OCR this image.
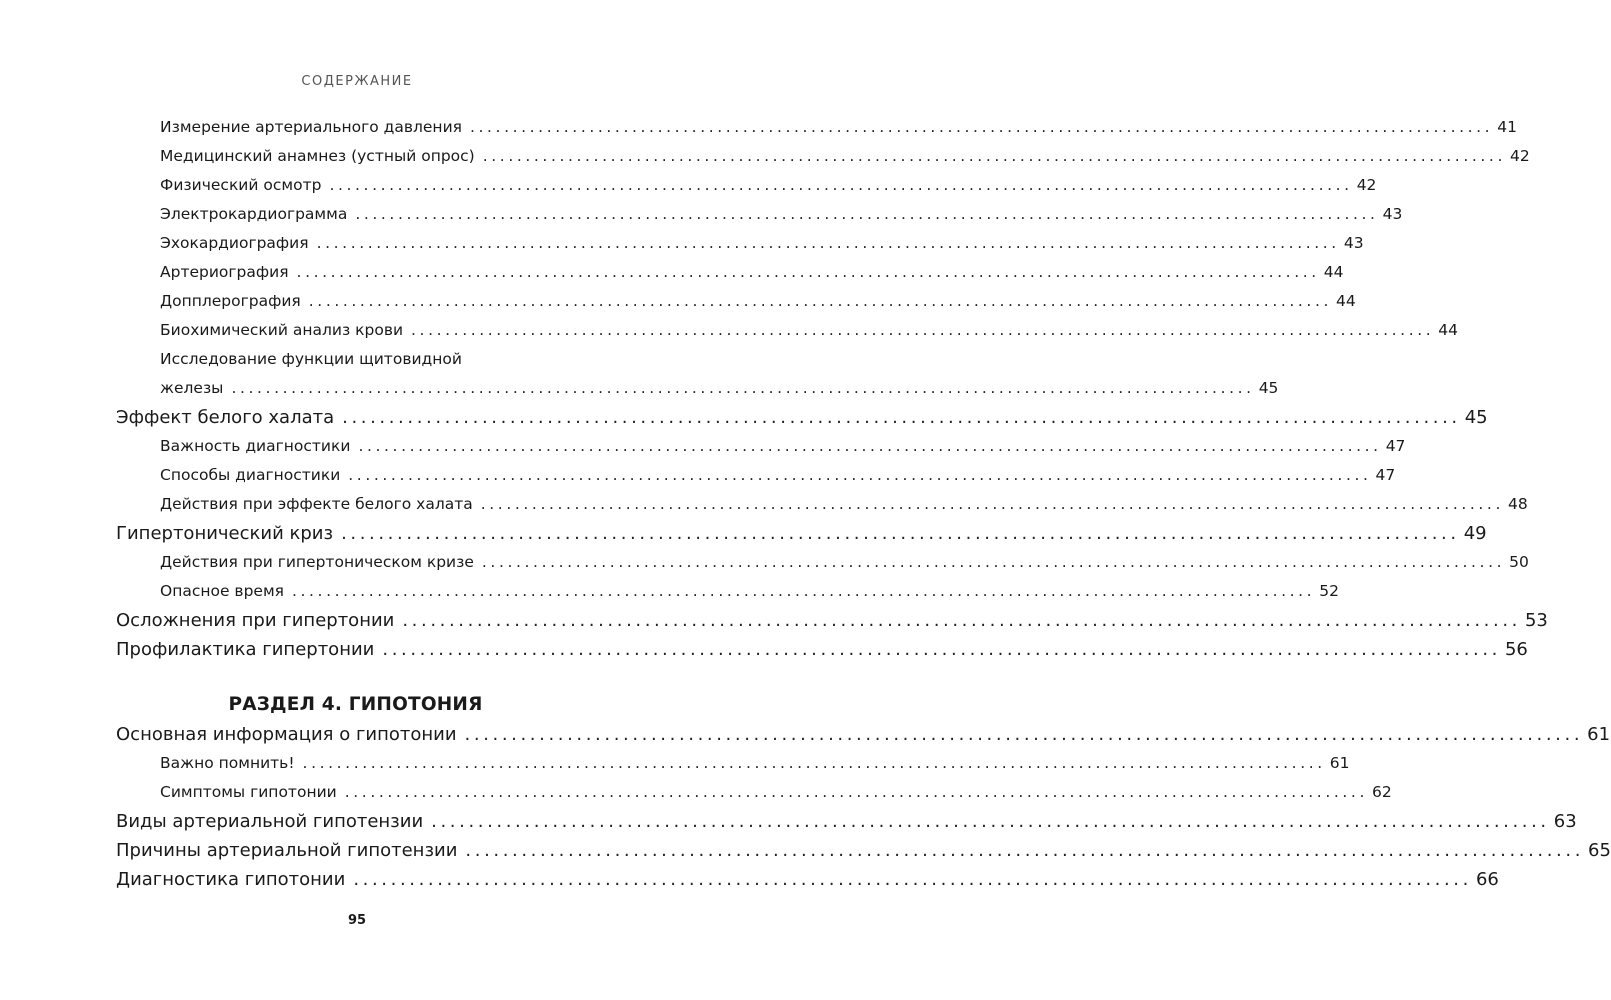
СОДЕРЖАНИЕ
Измерение артериального давления ........................................................................................................................ 41
Медицинский анамнез (устный опрос) ........................................................................................................................ 42
Физический осмотр ........................................................................................................................ 42
Электрокардиограмма ........................................................................................................................ 43
Эхокардиография ........................................................................................................................ 43
Артериография ........................................................................................................................ 44
Допплерография ........................................................................................................................ 44
Биохимический анализ крови ........................................................................................................................ 44
Исследование функции щитовидной
железы ........................................................................................................................ 45
Эффект белого халата ........................................................................................................................ 45
Важность диагностики ........................................................................................................................ 47
Способы диагностики ........................................................................................................................ 47
Действия при эффекте белого халата ........................................................................................................................ 48
Гипертонический криз ........................................................................................................................ 49
Действия при гипертоническом кризе ........................................................................................................................ 50
Опасное время ........................................................................................................................ 52
Осложнения при гипертонии ........................................................................................................................ 53
Профилактика гипертонии ........................................................................................................................ 56
РАЗДЕЛ 4. ГИПОТОНИЯ
Основная информация о гипотонии ........................................................................................................................ 61
Важно помнить! ........................................................................................................................ 61
Симптомы гипотонии ........................................................................................................................ 62
Виды артериальной гипотензии ........................................................................................................................ 63
Причины артериальной гипотензии ........................................................................................................................ 65
Диагностика гипотонии ........................................................................................................................ 66
95
